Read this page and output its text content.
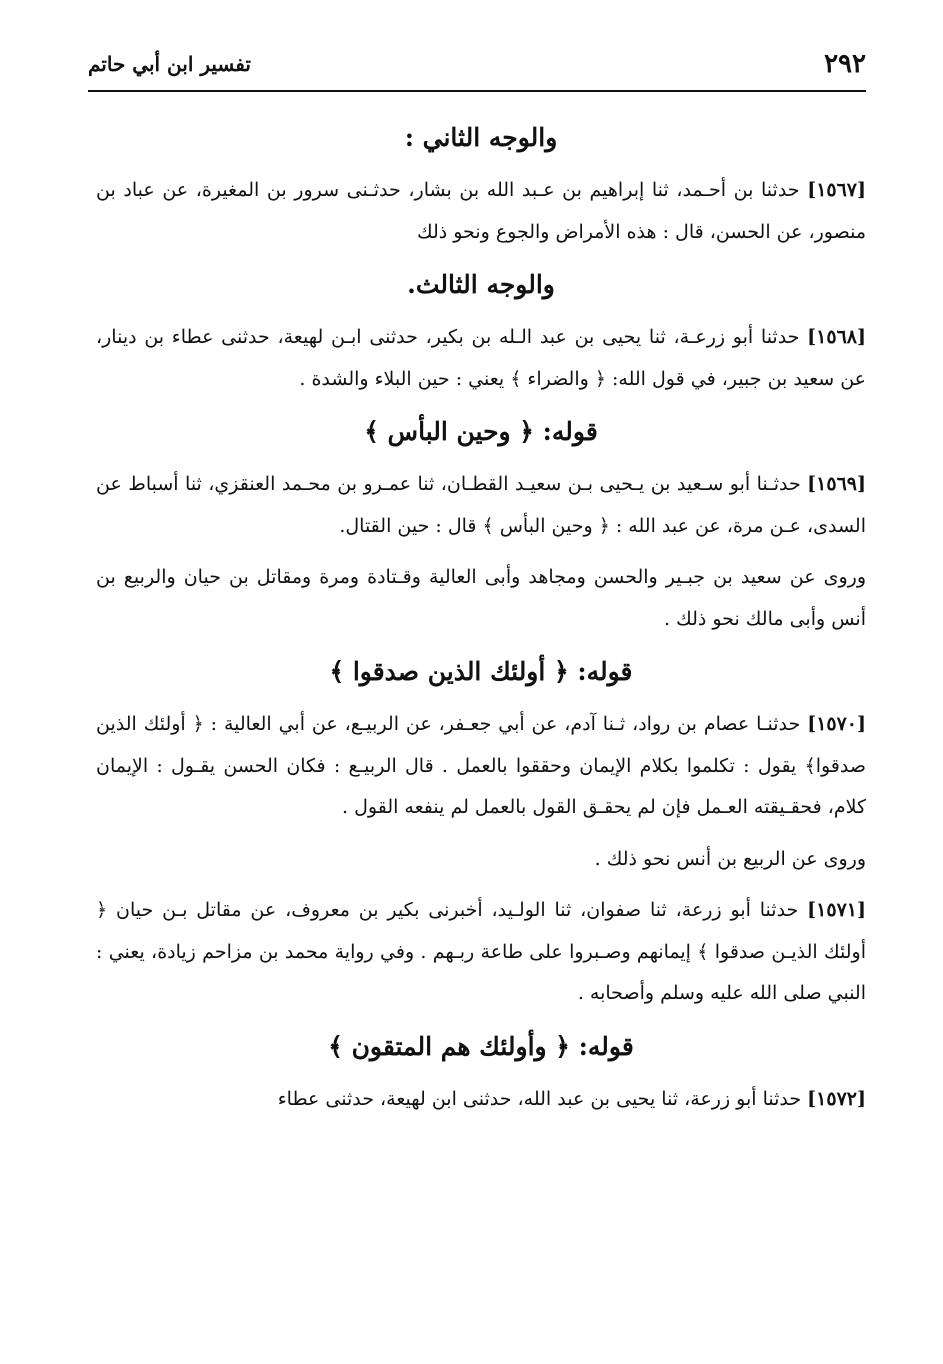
٢٩٢
تفسير ابن أبي حاتم
والوجه الثاني :

[١٥٦٧] حدثنا بن أحـمد، ثنا إبراهيم بن عـبد الله بن بشار، حدثـنى سرور بن المغيرة، عن عباد بن منصور، عن الحسن، قال : هذه الأمراض والجوع ونحو ذلك

والوجه الثالث.

[١٥٦٨] حدثنا أبو زرعـة، ثنا يحيى بن عبد الـله بن بكير، حدثنى ابـن لهيعة، حدثنى عطاء بن دينار، عن سعيد بن جبير، في قول الله: ﴿ والضراء ﴾ يعني : حين البلاء والشدة .

قوله: ﴿ وحين البأس ﴾

[١٥٦٩] حدثـنا أبو سـعيد بن يـحيى بـن سعيـد القطـان، ثنا عمـرو بن محـمد العنقزي، ثنا أسباط عن السدى، عـن مرة، عن عبد الله : ﴿ وحين البأس ﴾ قال : حين القتال.

وروى عن سعيد بن جبـير والحسن ومجاهد وأبى العالية وقـتادة ومرة ومقاتل بن حيان والربيع بن أنس وأبى مالك نحو ذلك .

قوله: ﴿ أولئك الذين صدقوا ﴾

[١٥٧٠] حدثنـا عصام بن رواد، ثـنا آدم، عن أبي جعـفر، عن الربيـع، عن أبي العالية : ﴿ أولئك الذين صدقوا﴾ يقول : تكلموا بكلام الإيمان وحققوا بالعمل . قال الربيـع : فكان الحسن يقـول : الإيمان كلام، فحقـيقته العـمل فإن لم يحقـق القول بالعمل لم ينفعه القول .

وروى عن الربيع بن أنس نحو ذلك .

[١٥٧١] حدثنا أبو زرعة، ثنا صفوان، ثنا الولـيد، أخبرنى بكير بن معروف، عن مقاتل بـن حيان ﴿ أولئك الذيـن صدقوا ﴾ إيمانهم وصـبروا على طاعة ربـهم . وفي رواية محمد بن مزاحم زيادة، يعني : النبي صلى الله عليه وسلم وأصحابه .

قوله: ﴿ وأولئك هم المتقون ﴾

[١٥٧٢] حدثنا أبو زرعة، ثنا يحيى بن عبد الله، حدثنى ابن لهيعة، حدثنى عطاء
